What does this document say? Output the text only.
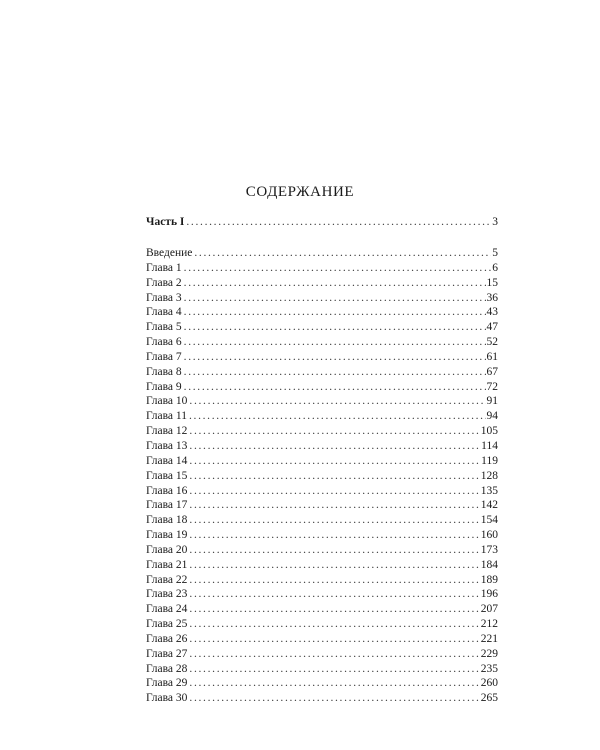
СОДЕРЖАНИЕ
Часть I . . .	3
Введение . . .	5
Глава 1 . . .	6
Глава 2 . . .	15
Глава 3 . . .	36
Глава 4 . . .	43
Глава 5 . . .	47
Глава 6 . . .	52
Глава 7 . . .	61
Глава 8 . . .	67
Глава 9 . . .	72
Глава 10 . . .	91
Глава 11 . . .	94
Глава 12 . . .	105
Глава 13 . . .	114
Глава 14 . . .	119
Глава 15 . . .	128
Глава 16 . . .	135
Глава 17 . . .	142
Глава 18 . . .	154
Глава 19 . . .	160
Глава 20 . . .	173
Глава 21 . . .	184
Глава 22 . . .	189
Глава 23 . . .	196
Глава 24 . . .	207
Глава 25 . . .	212
Глава 26 . . .	221
Глава 27 . . .	229
Глава 28 . . .	235
Глава 29 . . .	260
Глава 30 . . .	265
